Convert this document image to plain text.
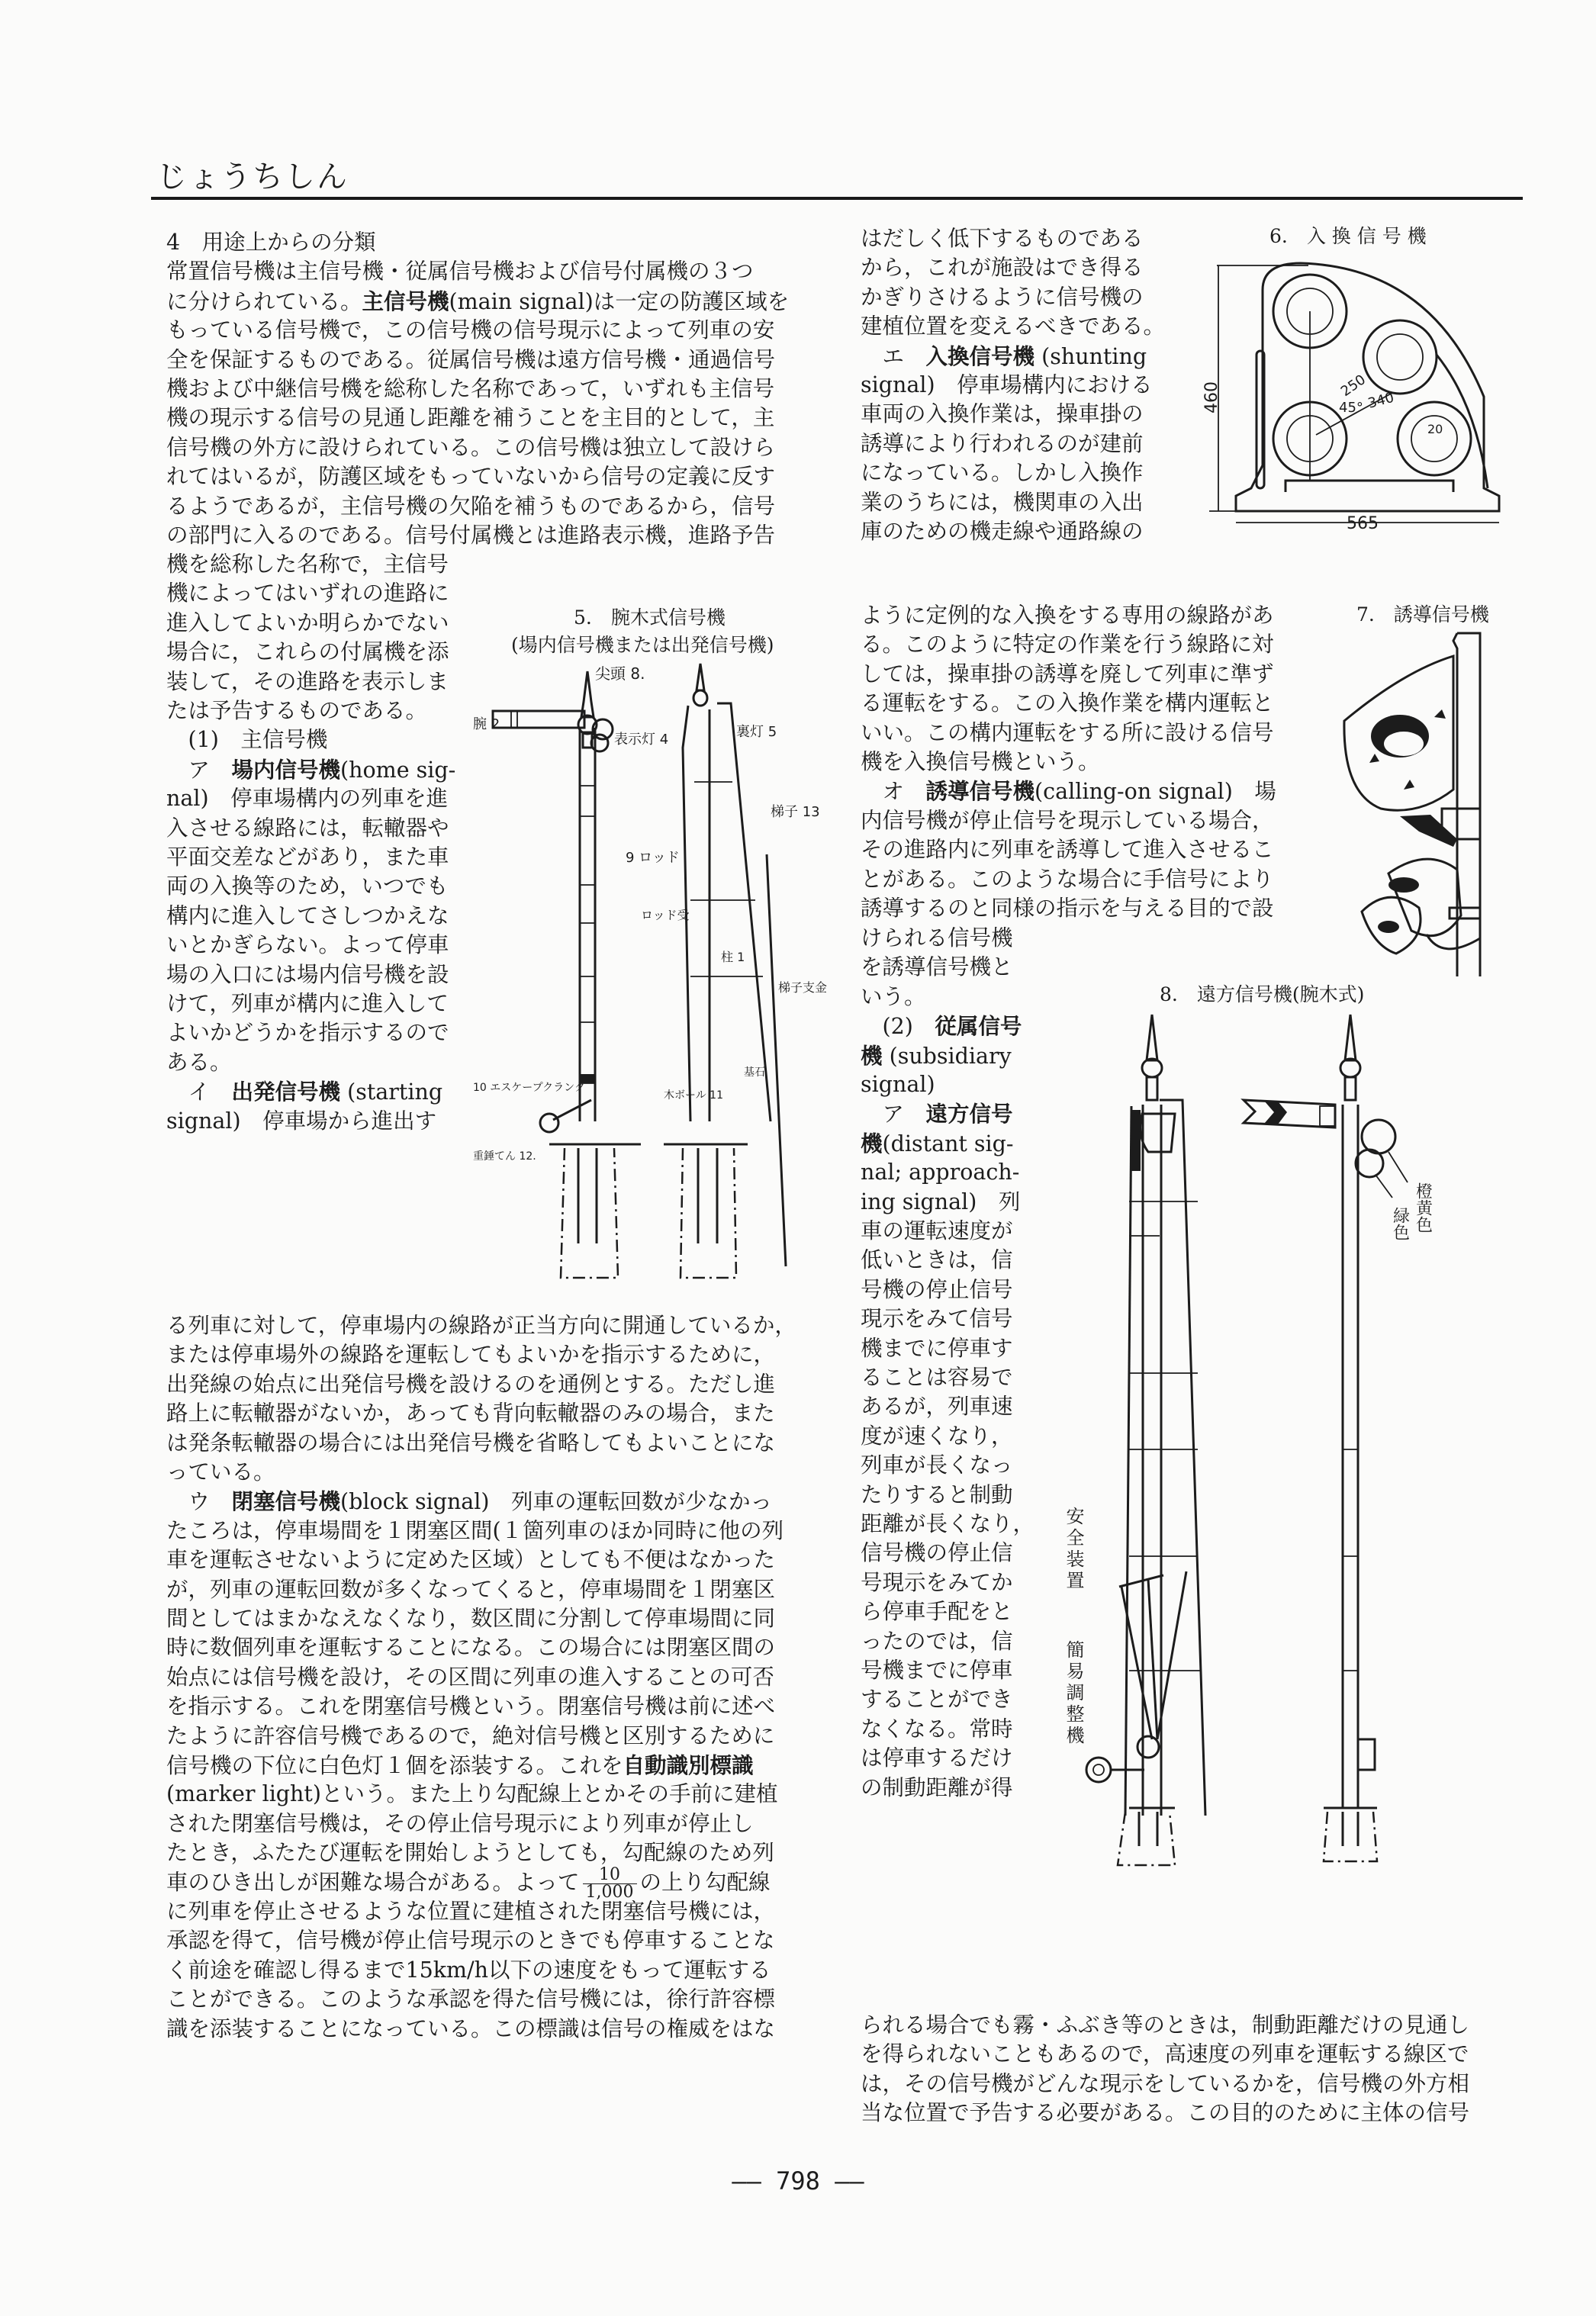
じょうちしん
4　用途上からの分類
常置信号機は主信号機・従属信号機および信号付属機の３つ
に分けられている。主信号機(main signal)は一定の防護区域を
もっている信号機で，この信号機の信号現示によって列車の安
全を保証するものである。従属信号機は遠方信号機・通過信号
機および中継信号機を総称した名称であって，いずれも主信号
機の現示する信号の見通し距離を補うことを主目的として，主
信号機の外方に設けられている。この信号機は独立して設けら
れてはいるが，防護区域をもっていないから信号の定義に反す
るようであるが，主信号機の欠陥を補うものであるから，信号
の部門に入るのである。信号付属機とは進路表示機，進路予告
機を総称した名称で，主信号
機によってはいずれの進路に
進入してよいか明らかでない
場合に，これらの付属機を添
装して，その進路を表示しま
たは予告するものである。
　(1)　主信号機
　ア　場内信号機(home sig-
nal)　停車場構内の列車を進
入させる線路には，転轍器や
平面交差などがあり，また車
両の入換等のため，いつでも
構内に進入してさしつかえな
いとかぎらない。よって停車
場の入口には場内信号機を設
けて，列車が構内に進入して
よいかどうかを指示するので
ある。
　イ　出発信号機 (starting
signal)　停車場から進出す
る列車に対して，停車場内の線路が正当方向に開通しているか，
または停車場外の線路を運転してもよいかを指示するために，
出発線の始点に出発信号機を設けるのを通例とする。ただし進
路上に転轍器がないか，あっても背向転轍器のみの場合，また
は発条転轍器の場合には出発信号機を省略してもよいことにな
っている。
　ウ　閉塞信号機(block signal)　列車の運転回数が少なかっ
たころは，停車場間を１閉塞区間(１箇列車のほか同時に他の列
車を運転させないように定めた区域）としても不便はなかった
が，列車の運転回数が多くなってくると，停車場間を１閉塞区
間としてはまかなえなくなり，数区間に分割して停車場間に同
時に数個列車を運転することになる。この場合には閉塞区間の
始点には信号機を設け，その区間に列車の進入することの可否
を指示する。これを閉塞信号機という。閉塞信号機は前に述べ
たように許容信号機であるので，絶対信号機と区別するために
信号機の下位に白色灯１個を添装する。これを自動識別標識
(marker light)という。また上り勾配線上とかその手前に建植
された閉塞信号機は，その停止信号現示により列車が停止し
たとき，ふたたび運転を開始しようとしても，勾配線のため列
車のひき出しが困難な場合がある。よって $\frac{10}{1,000}$ の上り勾配線
に列車を停止させるような位置に建植された閉塞信号機には，
承認を得て，信号機が停止信号現示のときでも停車することな
く前途を確認し得るまで15km/h以下の速度をもって運転する
ことができる。このような承認を得た信号機には，徐行許容標
識を添装することになっている。この標識は信号の権威をはな
はだしく低下するものである
から，これが施設はでき得る
かぎりさけるように信号機の
建植位置を変えるべきである。
　エ　入換信号機 (shunting
signal)　停車場構内における
車両の入換作業は，操車掛の
誘導により行われるのが建前
になっている。しかし入換作
業のうちには，機関車の入出
庫のための機走線や通路線の
ように定例的な入換をする専用の線路があ
る。このように特定の作業を行う線路に対
しては，操車掛の誘導を廃して列車に準ず
る運転をする。この入換作業を構内運転と
いい。この構内運転をする所に設ける信号
機を入換信号機という。
　オ　誘導信号機(calling-on signal)　場
内信号機が停止信号を現示している場合，
その進路内に列車を誘導して進入させるこ
とがある。このような場合に手信号により
誘導するのと同様の指示を与える目的で設
けられる信号機
を誘導信号機と
いう。
　(2)　従属信号
機 (subsidiary
signal)
　ア　遠方信号
機(distant sig-
nal; approach-
ing signal)　列
車の運転速度が
低いときは，信
号機の停止信号
現示をみて信号
機までに停車す
ることは容易で
あるが，列車速
度が速くなり，
列車が長くなっ
たりすると制動
距離が長くなり，
信号機の停止信
号現示をみてか
ら停車手配をと
ったのでは，信
号機までに停車
することができ
なくなる。常時
は停車するだけ
の制動距離が得
られる場合でも霧・ふぶき等のときは，制動距離だけの見通し
を得られないこともあるので，高速度の列車を運転する線区で
は，その信号機がどんな現示をしているかを，信号機の外方相
当な位置で予告する必要がある。この目的のために主体の信号
5.　腕木式信号機
(場内信号機または出発信号機)
尖頭 8.
腕 2
表示灯 4	裏灯 5
梯子 13
9 ロッド
ロッド受
柱 1
梯子支金
10 エスケープクランク
重錘てん 12.
木ボール 11
基石
6.　入 換 信 号 機
460
565
250
340
45°
20
7.　誘導信号機
8.　遠方信号機(腕木式)
橙黄色
緑色
安全装置
簡易調整機
―― 798 ――
